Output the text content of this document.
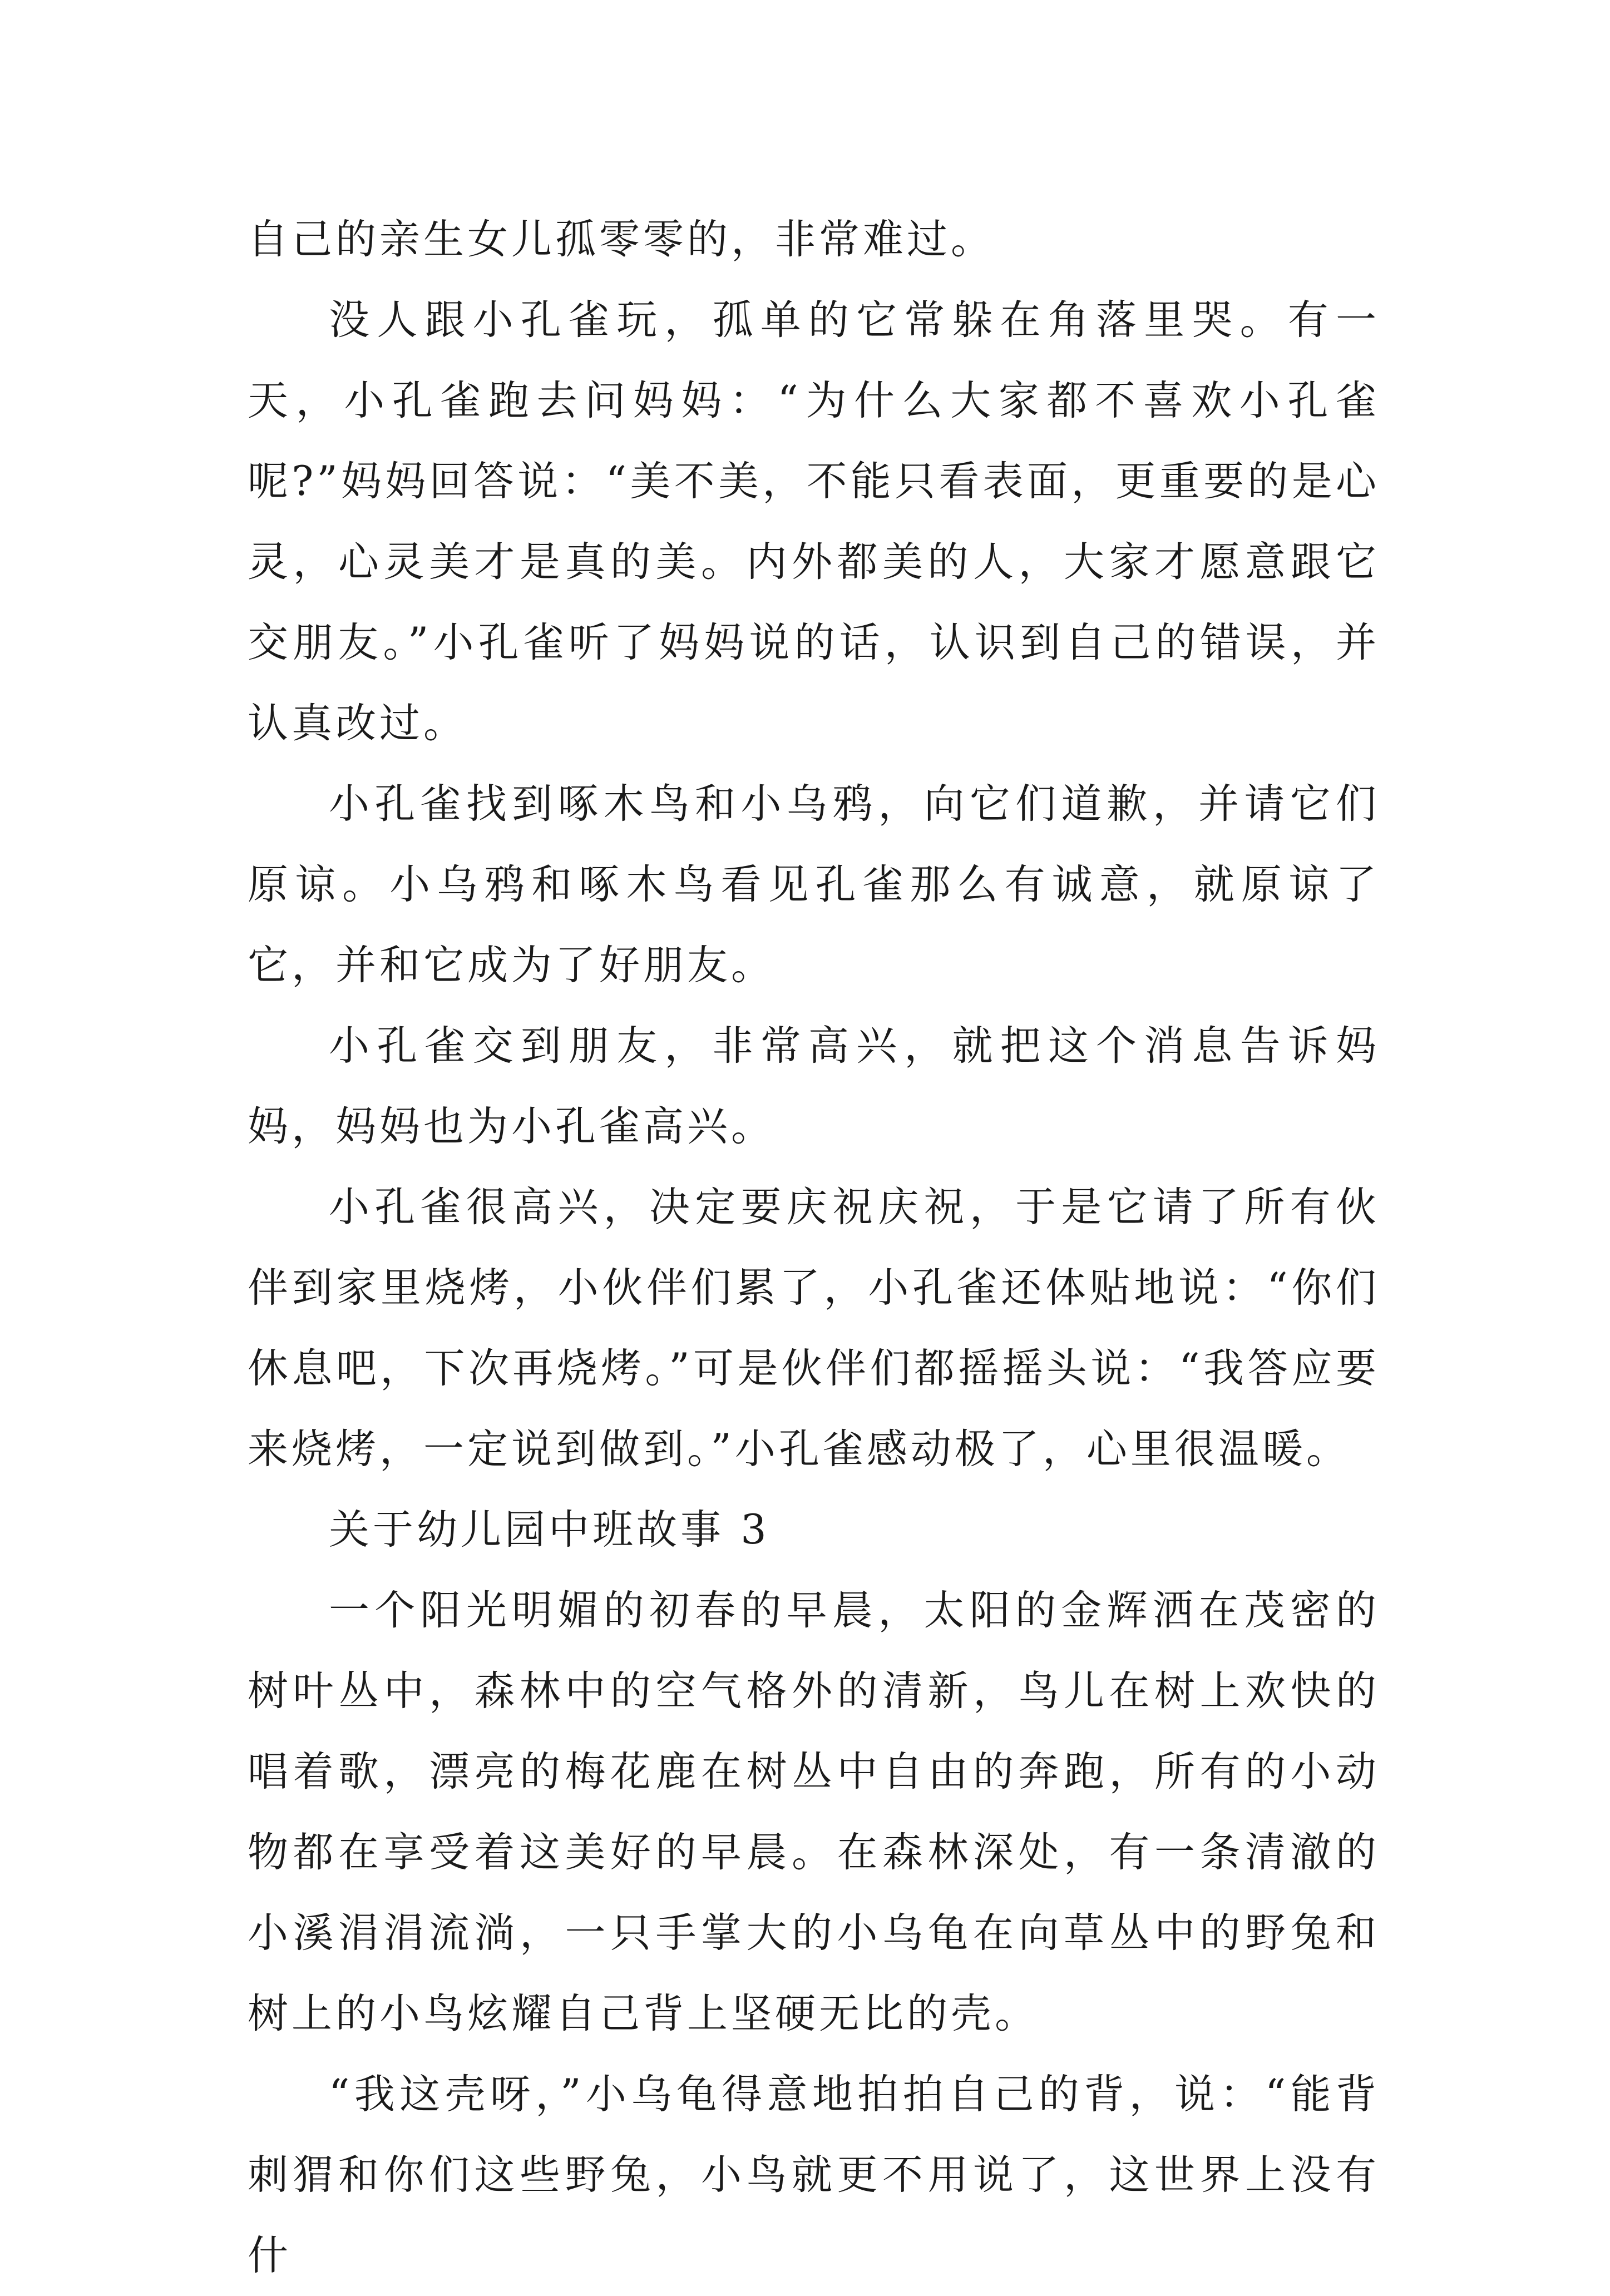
自己的亲生女儿孤零零的，非常难过。

没人跟小孔雀玩，孤单的它常躲在角落里哭。有一天，小孔雀跑去问妈妈：“为什么大家都不喜欢小孔雀呢?”妈妈回答说：“美不美，不能只看表面，更重要的是心灵，心灵美才是真的美。内外都美的人，大家才愿意跟它交朋友。”小孔雀听了妈妈说的话，认识到自己的错误，并认真改过。

小孔雀找到啄木鸟和小乌鸦，向它们道歉，并请它们原谅。小乌鸦和啄木鸟看见孔雀那么有诚意，就原谅了它，并和它成为了好朋友。

小孔雀交到朋友，非常高兴，就把这个消息告诉妈妈，妈妈也为小孔雀高兴。

小孔雀很高兴，决定要庆祝庆祝，于是它请了所有伙伴到家里烧烤，小伙伴们累了，小孔雀还体贴地说：“你们休息吧，下次再烧烤。”可是伙伴们都摇摇头说：“我答应要来烧烤，一定说到做到。”小孔雀感动极了，心里很温暖。

关于幼儿园中班故事 3

一个阳光明媚的初春的早晨，太阳的金辉洒在茂密的树叶丛中，森林中的空气格外的清新，鸟儿在树上欢快的唱着歌，漂亮的梅花鹿在树丛中自由的奔跑，所有的小动物都在享受着这美好的早晨。在森林深处，有一条清澈的小溪涓涓流淌，一只手掌大的小乌龟在向草丛中的野兔和树上的小鸟炫耀自己背上坚硬无比的壳。

“我这壳呀，”小乌龟得意地拍拍自己的背，说：“能背刺猬和你们这些野兔，小鸟就更不用说了，这世界上没有什
